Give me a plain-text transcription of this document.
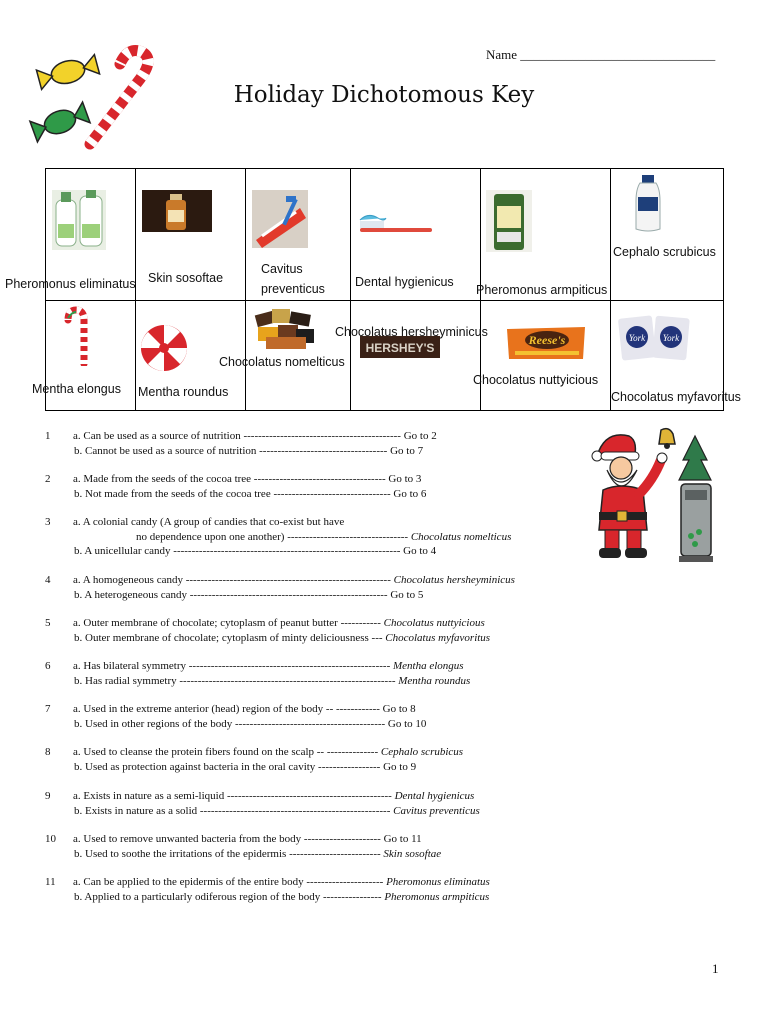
Name ______________________________
Holiday Dichotomous Key
Pheromonus eliminatus Skin sosoftae
Cavitus
preventicus Dental hygienicus
Pheromonus armpiticus
Cephalo scrubicus
HERSHEY'S
Reese's	York York
Mentha elongus Mentha roundus
Chocolatus nomelticus
Chocolatus hersheyminicus
Chocolatus nuttyicious
Chocolatus myfavoritus
1 a. Can be used as a source of nutrition ------------------------------------------- Go to 2
b. Cannot be used as a source of nutrition ----------------------------------- Go to 7
2 a. Made from the seeds of the cocoa tree ------------------------------------ Go to 3
b. Not made from the seeds of the cocoa tree -------------------------------- Go to 6
3 a. A colonial candy (A group of candies that co-exist but have
no dependence upon one another) --------------------------------- Chocolatus nomelticus
b. A unicellular candy -------------------------------------------------------------- Go to 4
4 a. A homogeneous candy -------------------------------------------------------- Chocolatus hersheyminicus
b. A heterogeneous candy ------------------------------------------------------ Go to 5
5 a. Outer membrane of chocolate; cytoplasm of peanut butter ----------- Chocolatus nuttyicious
b. Outer membrane of chocolate; cytoplasm of minty deliciousness --- Chocolatus myfavoritus
6 a. Has bilateral symmetry ------------------------------------------------------- Mentha elongus
b. Has radial symmetry ----------------------------------------------------------- Mentha roundus
7 a. Used in the extreme anterior (head) region of the body -- ------------ Go to 8
b. Used in other regions of the body ----------------------------------------- Go to 10
8 a. Used to cleanse the protein fibers found on the scalp -- -------------- Cephalo scrubicus
b. Used as protection against bacteria in the oral cavity ----------------- Go to 9
9 a. Exists in nature as a semi-liquid --------------------------------------------- Dental hygienicus
b. Exists in nature as a solid ---------------------------------------------------- Cavitus preventicus
10 a. Used to remove unwanted bacteria from the body --------------------- Go to 11
b. Used to soothe the irritations of the epidermis ------------------------- Skin sosoftae
11 a. Can be applied to the epidermis of the entire body --------------------- Pheromonus eliminatus
b. Applied to a particularly odiferous region of the body ---------------- Pheromonus armpiticus
1
